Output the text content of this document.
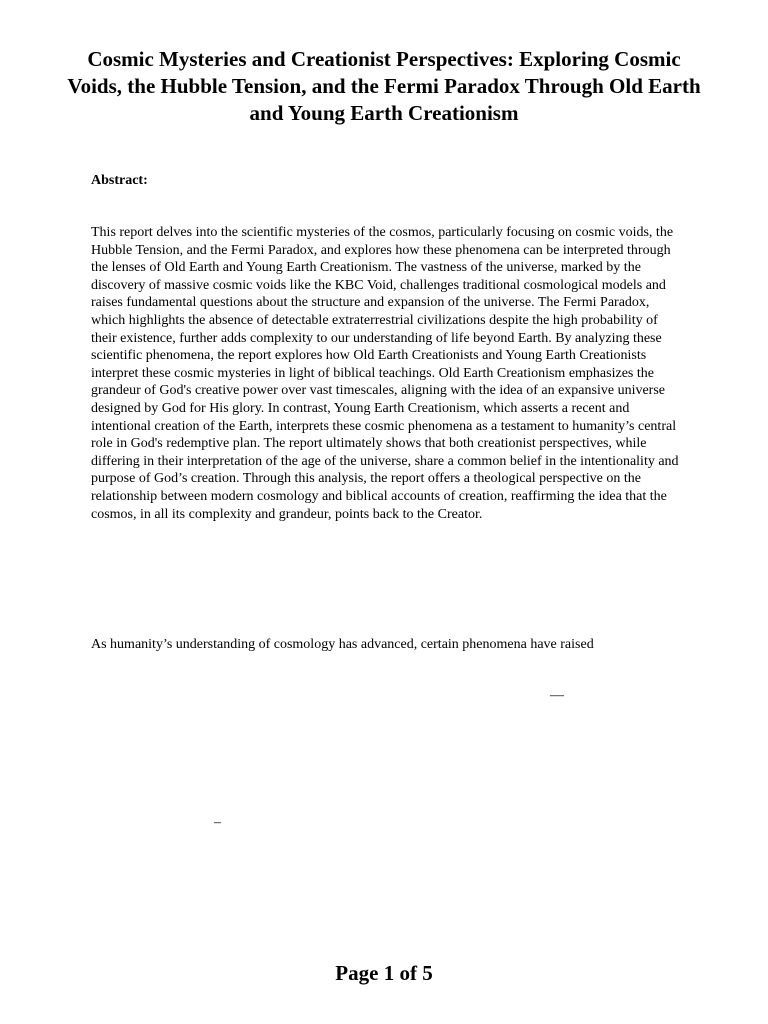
Cosmic Mysteries and Creationist Perspectives: Exploring Cosmic Voids, the Hubble Tension, and the Fermi Paradox Through Old Earth and Young Earth Creationism

Abstract:

This report delves into the scientific mysteries of the cosmos, particularly focusing on cosmic voids, the Hubble Tension, and the Fermi Paradox, and explores how these phenomena can be interpreted through the lenses of Old Earth and Young Earth Creationism. The vastness of the universe, marked by the discovery of massive cosmic voids like the KBC Void, challenges traditional cosmological models and raises fundamental questions about the structure and expansion of the universe. The Fermi Paradox, which highlights the absence of detectable extraterrestrial civilizations despite the high probability of their existence, further adds complexity to our understanding of life beyond Earth. By analyzing these scientific phenomena, the report explores how Old Earth Creationists and Young Earth Creationists interpret these cosmic mysteries in light of biblical teachings. Old Earth Creationism emphasizes the grandeur of God's creative power over vast timescales, aligning with the idea of an expansive universe designed by God for His glory. In contrast, Young Earth Creationism, which asserts a recent and intentional creation of the Earth, interprets these cosmic phenomena as a testament to humanity’s central role in God's redemptive plan. The report ultimately shows that both creationist perspectives, while differing in their interpretation of the age of the universe, share a common belief in the intentionality and purpose of God’s creation. Through this analysis, the report offers a theological perspective on the relationship between modern cosmology and biblical accounts of creation, reaffirming the idea that the cosmos, in all its complexity and grandeur, points back to the Creator.

As humanity’s understanding of cosmology has advanced, certain phenomena have raised

—
–
Page 1 of 5
